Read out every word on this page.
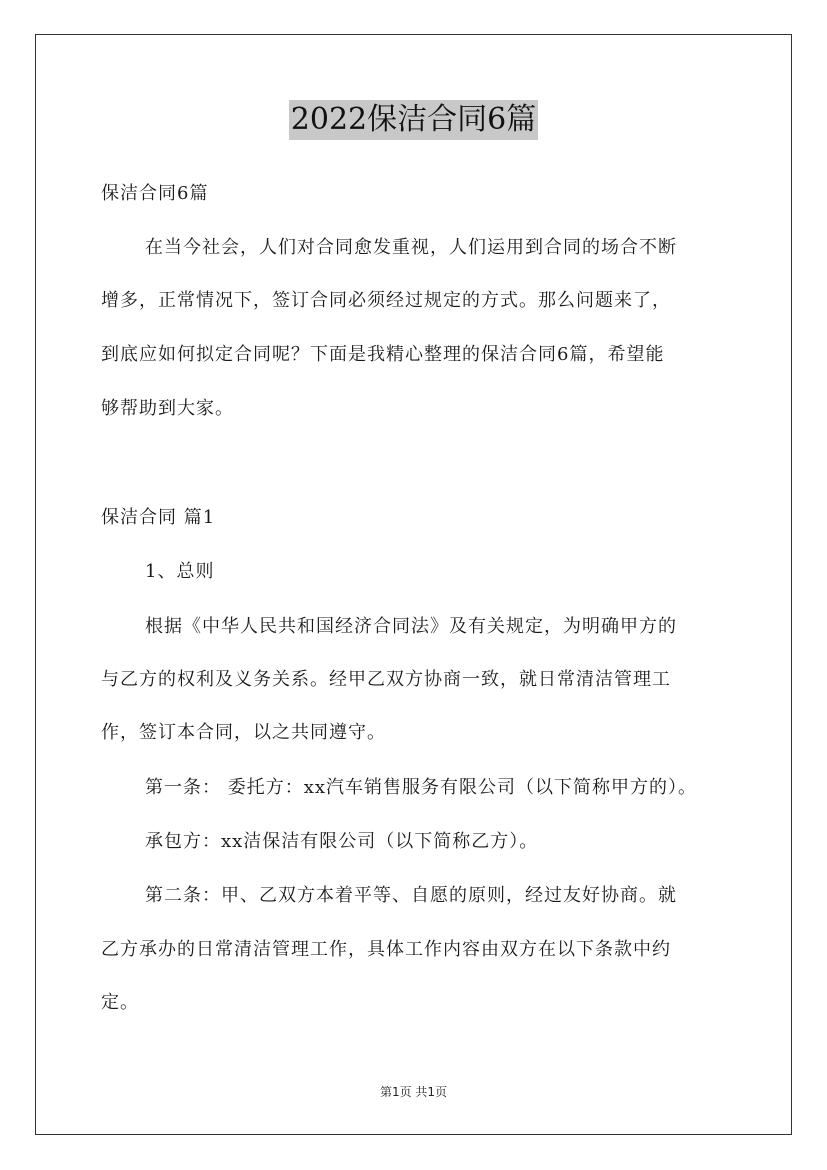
2022保洁合同6篇
保洁合同6篇
在当今社会，人们对合同愈发重视，人们运用到合同的场合不断
增多，正常情况下，签订合同必须经过规定的方式。那么问题来了，
到底应如何拟定合同呢？下面是我精心整理的保洁合同6篇，希望能
够帮助到大家。
保洁合同 篇1
1、总则
根据《中华人民共和国经济合同法》及有关规定，为明确甲方的
与乙方的权利及义务关系。经甲乙双方协商一致，就日常清洁管理工
作，签订本合同，以之共同遵守。
第一条： 委托方：xx汽车销售服务有限公司（以下简称甲方的）。
承包方：xx洁保洁有限公司（以下简称乙方）。
第二条：甲、乙双方本着平等、自愿的原则，经过友好协商。就
乙方承办的日常清洁管理工作，具体工作内容由双方在以下条款中约
定。
第1页 共1页
